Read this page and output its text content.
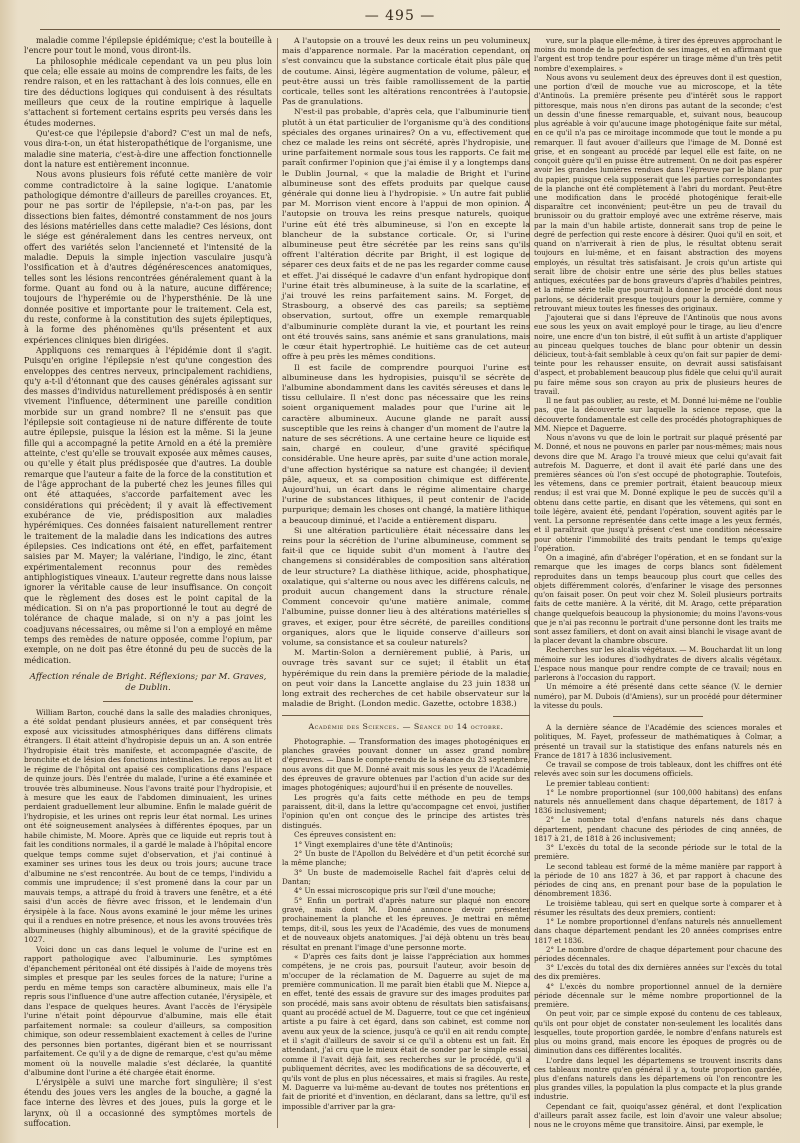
— 495 —

maladie comme l'épilepsie épidémique; c'est la bouteille à l'encre pour tout le mond, vous diront-ils.

La philosophie médicale cependant va un peu plus loin que cela; elle essaie au moins de comprendre les faits, de les rendre raison, et en les rattachant à des lois connues, elle en tire des déductions logiques qui conduisent à des résultats meilleurs que ceux de la routine empirique à laquelle s'attachent si fortement certains esprits peu versés dans les études modernes.

Qu'est-ce que l'épilepsie d'abord? C'est un mal de nefs, vous dira-t-on, un état histeropathétique de l'organisme, une maladie sine materia, c'est-à-dire une affection fonctionnelle dont la nature est entièrement inconnue.

Nous avons plusieurs fois réfuté cette manière de voir comme contradictoire à la saine logique. L'anatomie pathologique démontre d'ailleurs de pareilles croyances. Et, pour ne pas sortir de l'épilepsie, n'a-t-on pas, par les dissections bien faites, démontré constamment de nos jours des lésions matérielles dans cette maladie? Ces lésions, dont le siége est généralement dans les centres nerveux, ont offert des variétés selon l'ancienneté et l'intensité de la maladie. Depuis la simple injection vasculaire jusqu'à l'ossification et à d'autres dégénérescences anatomiques, telles sont les lésions rencontrées généralement quant à la forme. Quant au fond ou à la nature, aucune différence; toujours de l'hyperémie ou de l'hypersthénie. De là une donnée positive et importante pour le traitement. Cela est, du reste, conforme à la constitution des sujets épileptiques, à la forme des phénomènes qu'ils présentent et aux expériences cliniques bien dirigées.

Appliquons ces remarques à l'épidémie dont il s'agit. Puisqu'en origine l'épilepsie n'est qu'une congestion des enveloppes des centres nerveux, principalement rachidiens, qu'y a-t-il d'étonnant que des causes générales agissant sur des masses d'individus naturellement prédisposés à en sentir vivement l'influence, déterminent une pareille condition morbide sur un grand nombre? Il ne s'ensuit pas que l'épilepsie soit contagieuse ni de nature différente de toute autre épilepsie, puisque la lésion est la même. Si la jeune fille qui a accompagné la petite Arnold en a été la première atteinte, c'est qu'elle se trouvait exposée aux mêmes causes, ou qu'elle y était plus prédisposée que d'autres. La double remarque que l'auteur a faite de la force de la constitution et de l'âge approchant de la puberté chez les jeunes filles qui ont été attaquées, s'accorde parfaitement avec les considérations qui précèdent; il y avait là effectivement exubérance de vie, prédisposition aux maladies hypérémiques. Ces données faisaient naturellement rentrer le traitement de la maladie dans les indications des autres épilepsies. Ces indications ont été, en effet, parfaitement saisies par M. Mayer; la valériane, l'indigo, le zinc, étant expérimentalement reconnus pour des remèdes antiphlogistiques vineaux. L'auteur regrette dans nous laisse ignorer la véritable cause de leur insuffisance. On conçoit que le règlement des doses est le point capital de la médication. Si on n'a pas proportionné le tout au degré de tolérance de chaque malade, si on n'y a pas joint les coadjuvans nécessaires, ou même si l'on a employé en même temps des remèdes de nature opposée, comme l'opium, par exemple, on ne doit pas être étonné du peu de succès de la médication.

Affection rénale de Bright. Réflexions; par M. Graves, de Dublin.

William Barton, couché dans la salle des maladies chroniques, a été soldat pendant plusieurs années, et par conséquent très exposé aux vicissitudes atmosphériques dans différens climats étrangers. Il était atteint d'hydropisie depuis un an. A son entrée l'hydropisie était très manifeste, et accompagnée d'ascite, de bronchite et de lésion des fonctions intestinales. Le repos au lit et le régime de l'hôpital ont apaisé ces complications dans l'espace de quinze jours. Dès l'entrée du malade, l'urine a été examinée et trouvée très albumineuse. Nous l'avons traité pour l'hydropisie, et à mesure que les eaux de l'abdomen diminuaient, les urines perdaient graduellement leur albumine. Enfin le malade guérit de l'hydropisie, et les urines ont repris leur état normal. Les urines ont été soigneusement analysées à différentes époques, par un habile chimiste, M. Moore. Après que ce liquide eut repris tout à fait les conditions normales, il a gardé le malade à l'hôpital encore quelque temps comme sujet d'observation, et j'ai continué à examiner ses urines tous les deux ou trois jours; aucune trace d'albumine ne s'est rencontrée. Au bout de ce temps, l'individu a commis une imprudence; il s'est promené dans la cour par un mauvais temps, a attrapé du froid à travers une fenêtre, et a été saisi d'un accès de fièvre avec frisson, et le lendemain d'un érysipèle à la face. Nous avons examiné le jour même les urines qui il a rendues en notre présence, et nous les avons trouvées très albumineuses (highly albuminous), et de la gravité spécifique de 1027.

Voici donc un cas dans lequel le volume de l'urine est en rapport pathologique avec l'albuminurie. Les symptômes d'épanchement péritonéal ont été dissipés à l'aide de moyens très simples et presque par les seules forces de la nature; l'urine a perdu en même temps son caractère albumineux, mais elle l'a repris sous l'influence d'une autre affection cutanée, l'érysipèle, et dans l'espace de quelques heures. Avant l'accès de l'érysipèle l'urine n'était point dépourvue d'albumine, mais elle était parfaitement normale: sa couleur d'ailleurs, sa composition chimique, son odeur ressemblaient exactement à celles de l'urine des personnes bien portantes, digérant bien et se nourrissant parfaitement. Ce qu'il y a de digne de remarque, c'est qu'au même moment où la nouvelle maladie s'est déclarée, la quantité d'albumine dont l'urine a été chargée était énorme.

L'érysipèle a suivi une marche fort singulière; il s'est étendu des joues vers les angles de la bouche, a gagné la face interne des lèvres et des joues, puis la gorge et le larynx, où il a occasionné des symptômes mortels de suffocation.

A l'autopsie on a trouvé les deux reins un peu volumineux, mais d'apparence normale. Par la macération cependant, on s'est convaincu que la substance corticale était plus pâle que de coutume. Ainsi, légère augmentation de volume, pâleur, et peut-être aussi un très faible ramollissement de la partie corticale, telles sont les altérations rencontrées à l'autopsie. Pas de granulations.

N'est-il pas probable, d'après cela, que l'albuminurie tient plutôt à un état particulier de l'organisme qu'à des conditions spéciales des organes urinaires? On a vu, effectivement que chez ce malade les reins ont sécrété, après l'hydropisie, une urine parfaitement normale sous tous les rapports. Ce fait me paraît confirmer l'opinion que j'ai émise il y a longtemps dans le Dublin Journal, « que la maladie de Bright et l'urine albumineuse sont des effets produits par quelque cause générale qui donne lieu à l'hydropisie. » Un autre fait publié par M. Morrison vient encore à l'appui de mon opinion. A l'autopsie on trouva les reins presque naturels, quoique l'urine eût été très albumineuse, si l'on en excepte la blancheur de la substance corticale. Or, si l'urine albumineuse peut être sécrétée par les reins sans qu'ils offrent l'altération décrite par Bright, il est logique de séparer ces deux faits et de ne pas les regarder comme cause et effet. J'ai disséqué le cadavre d'un enfant hydropique dont l'urine était très albumineuse, à la suite de la scarlatine, et j'ai trouvé les reins parfaitement sains. M. Forget, de Strasbourg, a observé des cas pareils; sa septième observation, surtout, offre un exemple remarquable d'albuminurie complète durant la vie, et pourtant les reins ont été trouvés sains, sans anémie et sans granulations, mais le cœur était hypertrophié. Le huitième cas de cet auteur offre à peu près les mêmes conditions.

Il est facile de comprendre pourquoi l'urine est albumineuse dans les hydropisies, puisqu'il se sécrète de l'albumine abondamment dans les cavités séreuses et dans le tissu cellulaire. Il n'est donc pas nécessaire que les reins soient organiquement malades pour que l'urine ait le caractère albumineux. Aucune glande ne paraît aussi susceptible que les reins à changer d'un moment de l'autre la nature de ses sécrétions. A une certaine heure ce liquide est sain, chargé en couleur, d'une gravité spécifique considérable. Une heure après, par suite d'une action morale, d'une affection hystérique sa nature est changée; il devient pâle, aqueux, et sa composition chimique est différente. Aujourd'hui, un écart dans le régime alimentaire charge l'urine de substances lithiques, il peut contenir de l'acide purpurique; demain les choses ont changé, la matière lithique a beaucoup diminué, et l'acide a entièrement disparu.

Si une altération particulière était nécessaire dans les reins pour la sécrétion de l'urine albumineuse, comment se fait-il que ce liquide subit d'un moment à l'autre des changemens si considérables de composition sans altération de leur structure? La diathèse lithique, acide, phosphatique, oxalatique, qui s'alterne ou nous avec les différens calculs, ne produit aucun changement dans la structure rénale. Comment concevoir qu'une matière animale, comme l'albumine, puisse donner lieu à des altérations matérielles si graves, et exiger, pour être sécrété, de pareilles conditions organiques, alors que le liquide conserve d'ailleurs son volume, sa consistance et sa couleur naturels?

M. Martin-Solon a dernièrement publié, à Paris, un ouvrage très savant sur ce sujet; il établit un état hypérémique du rein dans la première période de la maladie; on peut voir dans la Lancette anglaise du 23 juin 1838 un long extrait des recherches de cet habile observateur sur la maladie de Bright. (London medic. Gazette, octobre 1838.)

Académie des Sciences. — Séance du 14 octobre.

Photographie. — Transformation des images photogéniques en planches gravées pouvant donner un assez grand nombre d'épreuves. — Dans le compte-rendu de la séance du 23 septembre, nous avons dit que M. Donné avait mis sous les yeux de l'Académie des épreuves de gravure obtenues par l'action d'un acide sur des images photogéniques; aujourd'hui il en présente de nouvelles.

Les progrès qu'a faits cette méthode en peu de temps paraissent, dit-il, dans la lettre qu'accompagne cet envoi, justifier l'opinion qu'en ont conçue des le principe des artistes très distingués.

Ces épreuves consistent en:

1° Vingt exemplaires d'une tête d'Antinoüs;

2° Un buste de l'Apollon du Belvédère et d'un petit écorché sur la même planche;

3° Un buste de mademoiselle Rachel fait d'après celui de Dantan;

4° Un essai microscopique pris sur l'œil d'une mouche;

5° Enfin un portrait d'après nature sur plaqué non encore gravé, mais dont M. Donné annonce devoir présenter prochainement la planche et les épreuves. Je mettrai en même temps, dit-il, sous les yeux de l'Académie, des vues de monumens et de nouveaux objets anatomiques. J'ai déjà obtenu un très beau résultat en prenant l'image d'une personne morte.

« D'après ces faits dont je laisse l'appréciation aux hommes compétens, je ne crois pas, poursuit l'auteur, avoir besoin de m'occuper de la réclamation de M. Daguerre au sujet de ma première communication. Il me paraît bien établi que M. Niepce a, en effet, tenté des essais de gravure sur des images produites par son procédé, mais sans avoir obtenu de résultats bien satisfaisans; quant au procédé actuel de M. Daguerre, tout ce que cet ingénieux artiste a pu faire à cet égard, dans son cabinet, est comme non avenu aux yeux de la science, jusqu'à ce qu'il en ait rendu compte; et il s'agit d'ailleurs de savoir si ce qu'il a obtenu est un fait. En attendant, j'ai cru que le mieux était de sonder par le simple essai, comme il l'avait déjà fait, ses recherches sur le procédé, qu'il a publiquement décrites, avec les modifications de sa découverte, et qu'ils vont de plus en plus nécessaires, et mais si fragiles. Au reste, M. Daguerre va lui-même au-devant de toutes nos prétentions en fait de priorité et d'invention, en déclarant, dans sa lettre, qu'il est impossible d'arriver par la gra-

vure, sur la plaque elle-même, à tirer des épreuves approchant le moins du monde de la perfection de ses images, et en affirmant que l'argent est trop tendre pour espérer un tirage même d'un très petit nombre d'exemplaires. »

Nous avons vu seulement deux des épreuves dont il est question, une portion d'œil de mouche vue au microscope, et la tête d'Antinoüs. La première présente peu d'intérêt sous le rapport pittoresque, mais nous n'en dirons pas autant de la seconde; c'est un dessin d'une finesse remarquable, et, suivant nous, beaucoup plus agréable à voir qu'aucune image photogénique faite sur métal, en ce qu'il n'a pas ce miroitage incommode que tout le monde a pu remarquer. Il faut avouer d'ailleurs que l'image de M. Donné est grise, et en songeant au procédé par lequel elle est faite, on ne conçoit guère qu'il en puisse être autrement. On ne doit pas espérer avoir les grandes lumières rendues dans l'épreuve par le blanc pur du papier, puisque cela supposerait que les parties correspondantes de la planche ont été complètement à l'abri du mordant. Peut-être une modification dans le procédé photogénique ferait-elle disparaître cet inconvénient; peut-être un peu de travail du brunissoir ou du grattoir employé avec une extrême réserve, mais par la main d'un habile artiste, donnerait sans trop de peine le degré de perfection qui reste encore à désirer. Quoi qu'il en soit, et quand on n'arriverait à rien de plus, le résultat obtenu serait toujours en lui-même, et en faisant abstraction des moyens employés, un résultat très satisfaisant. Je crois qu'un artiste qui serait libre de choisir entre une série des plus belles statues antiques, exécutées par de bons graveurs d'après d'habiles peintres, et la même série telle que pourrait la donner le procédé dont nous parlons, se déciderait presque toujours pour la dernière, comme y retrouvant mieux toutes les finesses des originaux.

J'ajouterai que si dans l'épreuve de l'Antinoüs que nous avons eue sous les yeux on avait employé pour le tirage, au lieu d'encre noire, une encre d'un ton bistré, il eût suffit à un artiste d'appliquer au pinceau quelques touches de blanc pour obtenir un dessin délicieux, tout-à-fait semblable à ceux qu'on fait sur papier de demi-teinte pour les rehausser ensuite, on devrait aussi satisfaisant d'aspect, et probablement beaucoup plus fidèle que celui qu'il aurait pu faire même sous son crayon au prix de plusieurs heures de travail.

Il ne faut pas oublier, au reste, et M. Donné lui-même ne l'oublie pas, que la découverte sur laquelle la science repose, que la découverte fondamentale est celle des procédés photographiques de MM. Niepce et Daguerre.

Nous n'avons vu que de loin le portrait sur plaqué présenté par M. Donné, et nous ne pouvons en parler par nous-mêmes; mais nous devons dire que M. Arago l'a trouvé mieux que celui qu'avait fait autrefois M. Daguerre, et dont il avait été parlé dans une des premières séances où l'on s'est occupé de photographie. Toutefois, les vêtemens, dans ce premier portrait, étaient beaucoup mieux rendus; il est vrai que M. Donné explique le peu de succès qu'il a obtenu dans cette partie, en disant que les vêtemens, qui sont en toile légère, avaient été, pendant l'opération, souvent agités par le vent. La personne représentée dans cette image a les yeux fermés, et il paraîtrait que jusqu'à présent c'est une condition nécessaire pour obtenir l'immobilité des traits pendant le temps qu'exige l'opération.

On a imaginé, afin d'abréger l'opération, et en se fondant sur la remarque que les images de corps blancs sont fidèlement reproduites dans un temps beaucoup plus court que celles des objets différemment colorés, d'enfariner le visage des personnes qu'on faisait poser. On peut voir chez M. Soleil plusieurs portraits faits de cette manière. A la vérité, dit M. Arago, cette préparation change quelquefois beaucoup la physionomie; du moins l'avons-vous que je n'ai pas reconnu le portrait d'une personne dont les traits me sont assez familiers, et dont on avait ainsi blanchi le visage avant de la placer devant la chambre obscure.

Recherches sur les alcalis végétaux. — M. Bouchardat lit un long mémoire sur les iodures d'iodhydrates de divers alcalis végétaux. L'espace nous manque pour rendre compte de ce travail; nous en parlerons à l'occasion du rapport.

Un mémoire a été présenté dans cette séance (V. le dernier numéro), par M. Dubois (d'Amiens), sur un procédé pour déterminer la vitesse du pouls.

A la dernière séance de l'Académie des sciences morales et politiques, M. Fayet, professeur de mathématiques à Colmar, a présenté un travail sur la statistique des enfans naturels nés en France de 1817 à 1836 inclusivement.

Ce travail se compose de trois tableaux, dont les chiffres ont été relevés avec soin sur les documens officiels.

Le premier tableau contient:

1° Le nombre proportionnel (sur 100,000 habitans) des enfans naturels nés annuellement dans chaque département, de 1817 à 1836 inclusivement;

2° Le nombre total d'enfans naturels nés dans chaque département, pendant chacune des périodes de cinq années, de 1817 à 21, de 1818 à 26 inclusivement;

3° L'excès du total de la seconde période sur le total de la première.

Le second tableau est formé de la même manière par rapport à la période de 10 ans 1827 à 36, et par rapport à chacune des périodes de cinq ans, en prenant pour base de la population le dénombrement 1836.

Le troisième tableau, qui sert en quelque sorte à comparer et à résumer les résultats des deux premiers, contient:

1° Le nombre proportionnel d'enfans naturels nés annuellement dans chaque département pendant les 20 années comprises entre 1817 et 1836.

2° Le nombre d'ordre de chaque département pour chacune des périodes décennales.

3° L'excès du total des dix dernières années sur l'excès du total des dix premières.

4° L'excès du nombre proportionnel annuel de la dernière période décennale sur le même nombre proportionnel de la première.

On peut voir, par ce simple exposé du contenu de ces tableaux, qu'ils ont pour objet de constater non-seulement les localités dans lesquelles, toute proportion gardée, le nombre d'enfans naturels est plus ou moins grand, mais encore les époques de progrès ou de diminution dans ces différentes localités.

L'ordre dans lequel les départemens se trouvent inscrits dans ces tableaux montre qu'en général il y a, toute proportion gardée, plus d'enfans naturels dans les départemens où l'on rencontre les plus grandes villes, la population la plus compacte et la plus grande industrie.

Cependant ce fait, quoiqu'assez général, et dont l'explication d'ailleurs paraît assez facile, est loin d'avoir une valeur absolue; nous ne le croyons même que transitoire. Ainsi, par exemple, le
